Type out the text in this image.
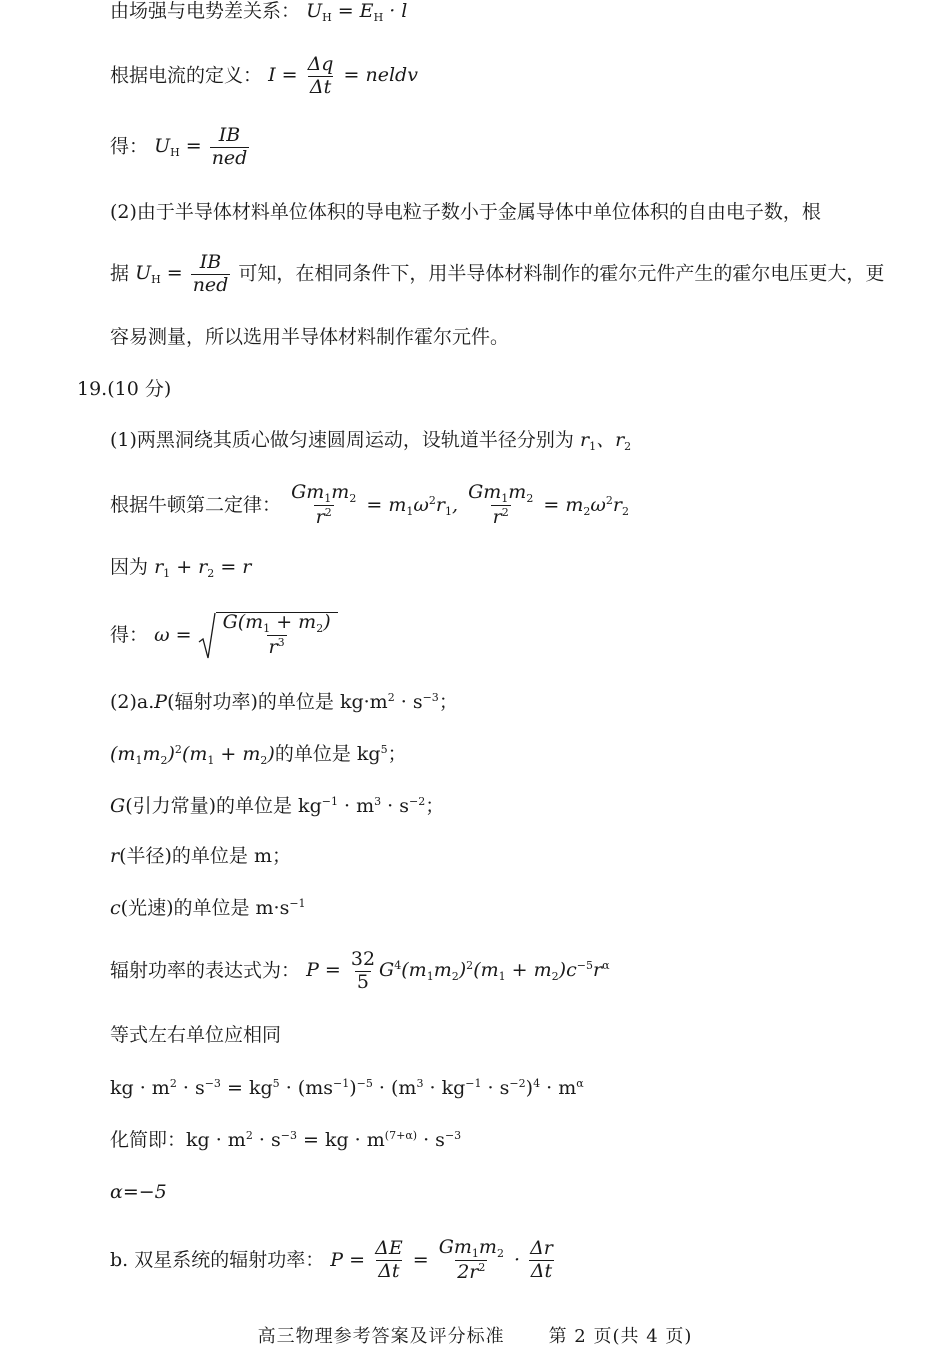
由场强与电势差关系： $U_H = E_H \cdot l$
根据电流的定义： $I = \frac{\Delta q}{\Delta t}$ = neldv
得： $U_H = \frac{IB}{\text{ned}}$
(2)由于半导体材料单位体积的导电粒子数小于金属导体中单位体积的自由电子数，根
据 $U_H = \frac{IB}{\text{ned}}$ 可知，在相同条件下，用半导体材料制作的霍尔元件产生的霍尔电压更大，更
容易测量，所以选用半导体材料制作霍尔元件。
19.(10 分)
(1)两黑洞绕其质心做匀速圆周运动，设轨道半径分别为 $r_1$、$r_2$
根据牛顿第二定律： $\frac{Gm_1m_2}{r^2} = m_1\omega^2r_1$, $\frac{Gm_1m_2}{r^2} = m_2\omega^2r_2$
因为 $r_1 + r_2 = r$
得： $\omega = \frac{G(m_1 + m_2)}{r^3}$
(2)a.P(辐射功率)的单位是 $kg\cdot m^2 \cdot s^{-3}$；
$(m_1m_2)^2(m_1 + m_2)$的单位是 $kg^5$；
G(引力常量)的单位是 $kg^{-1} \cdot m^3 \cdot s^{-2}$；
r(半径)的单位是 m；
c(光速)的单位是 $m\cdot s^{-1}$
辐射功率的表达式为： $P = \frac{32}{5} G^4(m_1m_2)^2(m_1 + m_2)c^{-5}r^\alpha$
等式左右单位应相同
kg · $m^2 \cdot s^{-3} = kg^5 \cdot (ms^{-1})^{-5} \cdot (m^3 \cdot kg^{-1} \cdot s^{-2})^4 \cdot m^\alpha$
化简即：kg · $m^2 \cdot s^{-3}$ = kg · $m^{(7+\alpha)} \cdot s^{-3}$
α=−5
b. 双星系统的辐射功率： $P = \frac{\Delta E}{\Delta t} = \frac{Gm_1m_2}{2r^2} \cdot \frac{\Delta r}{\Delta t}$
高三物理参考答案及评分标准 第 2 页(共 4 页)
